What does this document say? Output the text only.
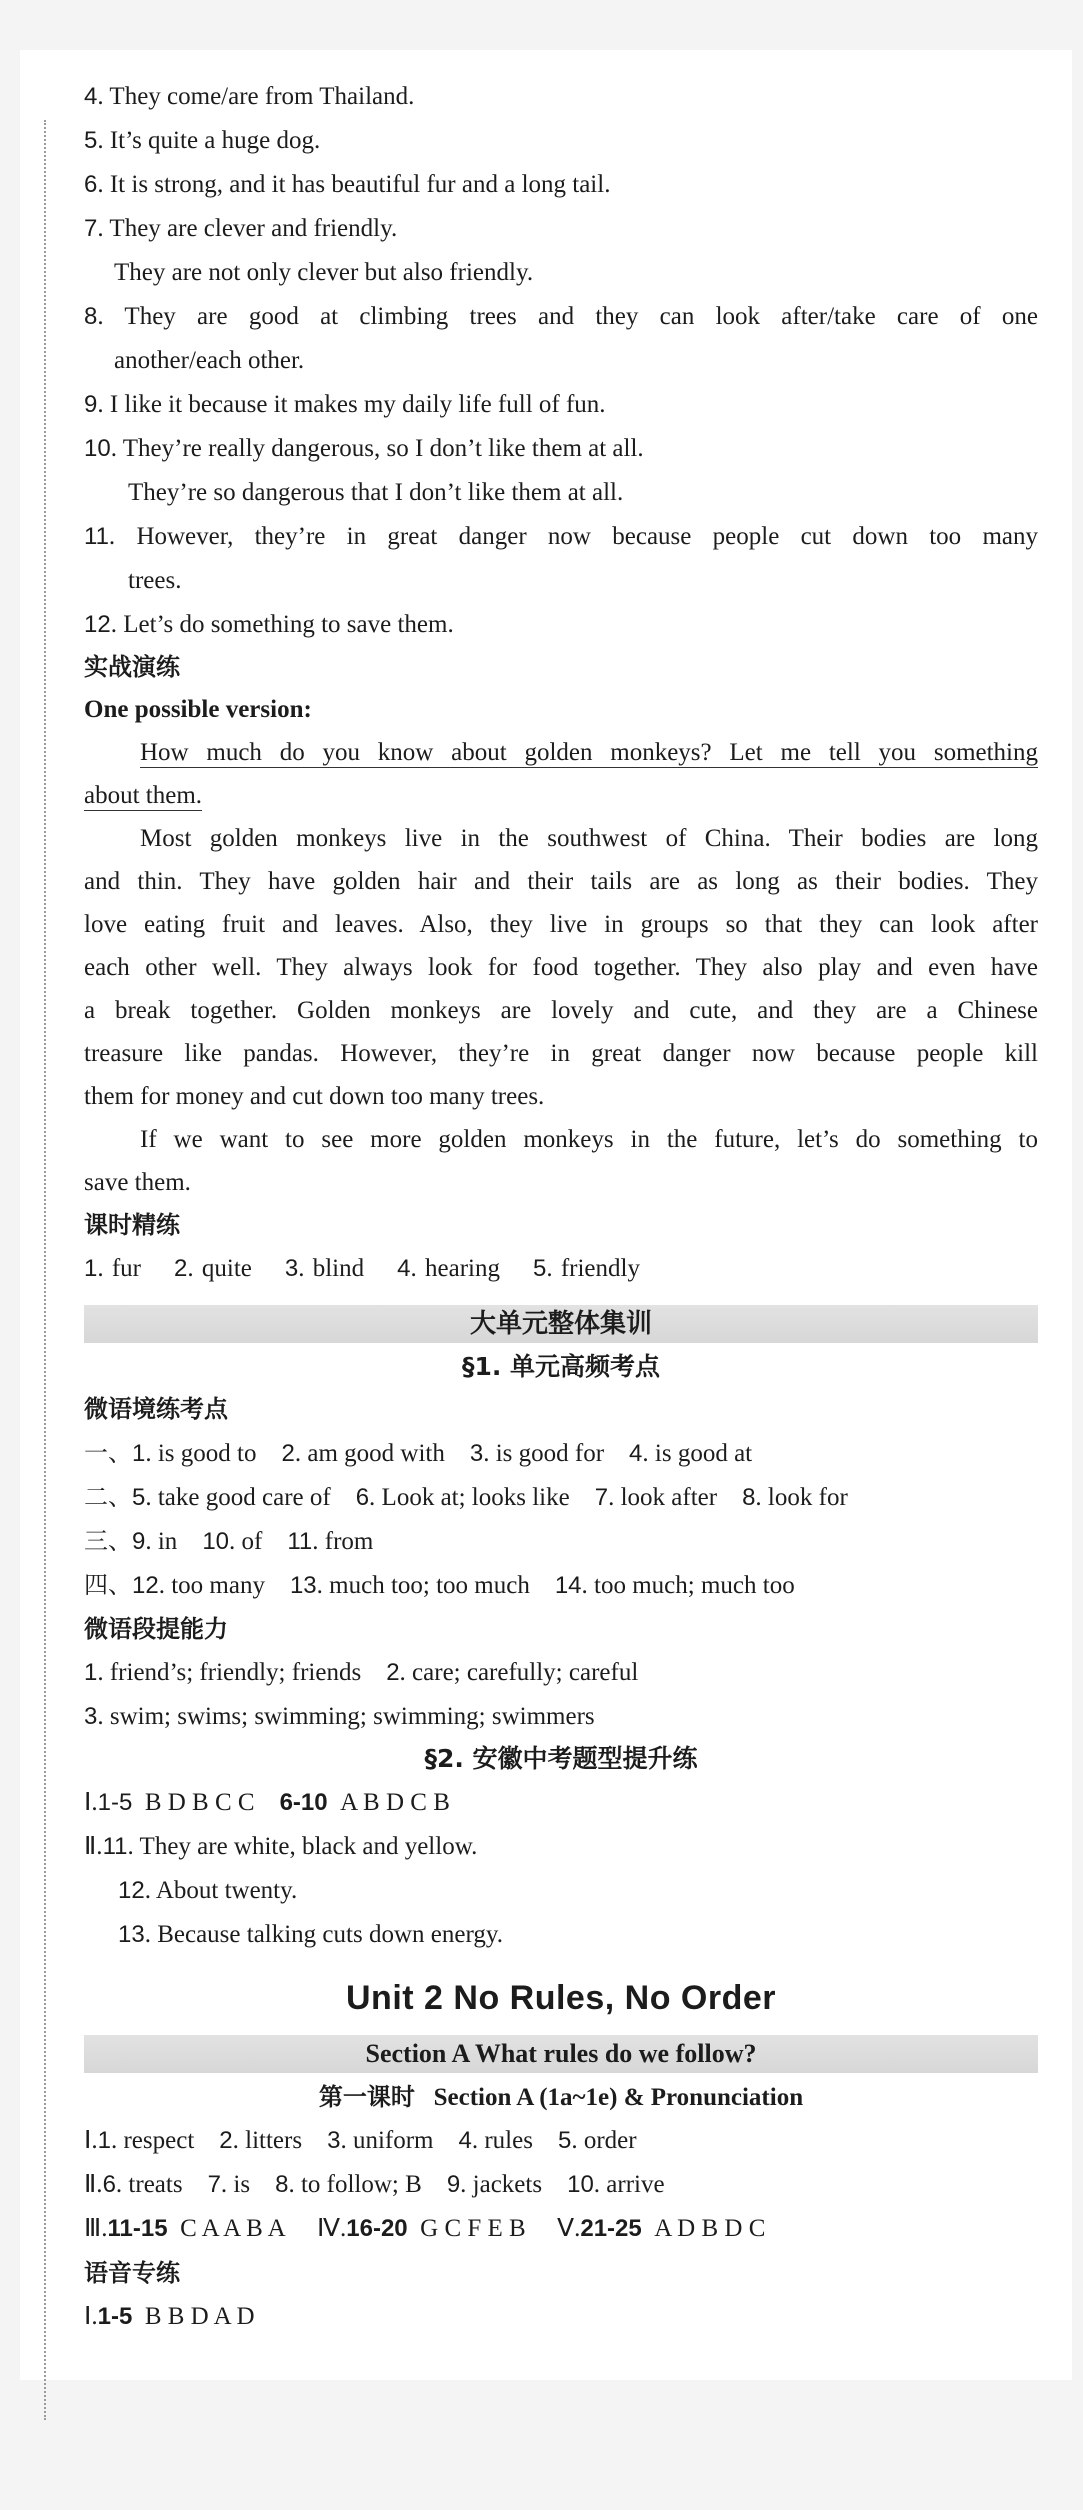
4. They come/are from Thailand.
5. It’s quite a huge dog.
6. It is strong, and it has beautiful fur and a long tail.
7. They are clever and friendly.
They are not only clever but also friendly.
8. They are good at climbing trees and they can look after/take care of one
another/each other.
9. I like it because it makes my daily life full of fun.
10. They’re really dangerous, so I don’t like them at all.
They’re so dangerous that I don’t like them at all.
11. However, they’re in great danger now because people cut down too many
trees.
12. Let’s do something to save them.
实战演练
One possible version:
How much do you know about golden monkeys? Let me tell you something
about them.
Most golden monkeys live in the southwest of China. Their bodies are long
and thin. They have golden hair and their tails are as long as their bodies. They
love eating fruit and leaves. Also, they live in groups so that they can look after
each other well. They always look for food together. They also play and even have
a break together. Golden monkeys are lovely and cute, and they are a Chinese
treasure like pandas. However, they’re in great danger now because people kill
them for money and cut down too many trees.
If we want to see more golden monkeys in the future, let’s do something to
save them.
课时精练
1. fur 2. quite 3. blind 4. hearing 5. friendly
大单元整体集训
§1. 单元高频考点
微语境练考点
一、1. is good to 2. am good with 3. is good for 4. is good at
二、5. take good care of 6. Look at; looks like 7. look after 8. look for
三、9. in 10. of 11. from
四、12. too many 13. much too; too much 14. too much; much too
微语段提能力
1. friend’s; friendly; friends 2. care; carefully; careful
3. swim; swims; swimming; swimming; swimmers
§2. 安徽中考题型提升练
Ⅰ.1-5 B D B C C 6-10 A B D C B
Ⅱ.11. They are white, black and yellow.
12. About twenty.
13. Because talking cuts down energy.
Unit 2 No Rules, No Order
Section A What rules do we follow?
第一课时 Section A (1a~1e) & Pronunciation
Ⅰ.1. respect 2. litters 3. uniform 4. rules 5. order
Ⅱ.6. treats 7. is 8. to follow; B 9. jackets 10. arrive
Ⅲ.11-15 C A A B A Ⅳ.16-20 G C F E B Ⅴ.21-25 A D B D C
语音专练
Ⅰ.1-5 B B D A D
